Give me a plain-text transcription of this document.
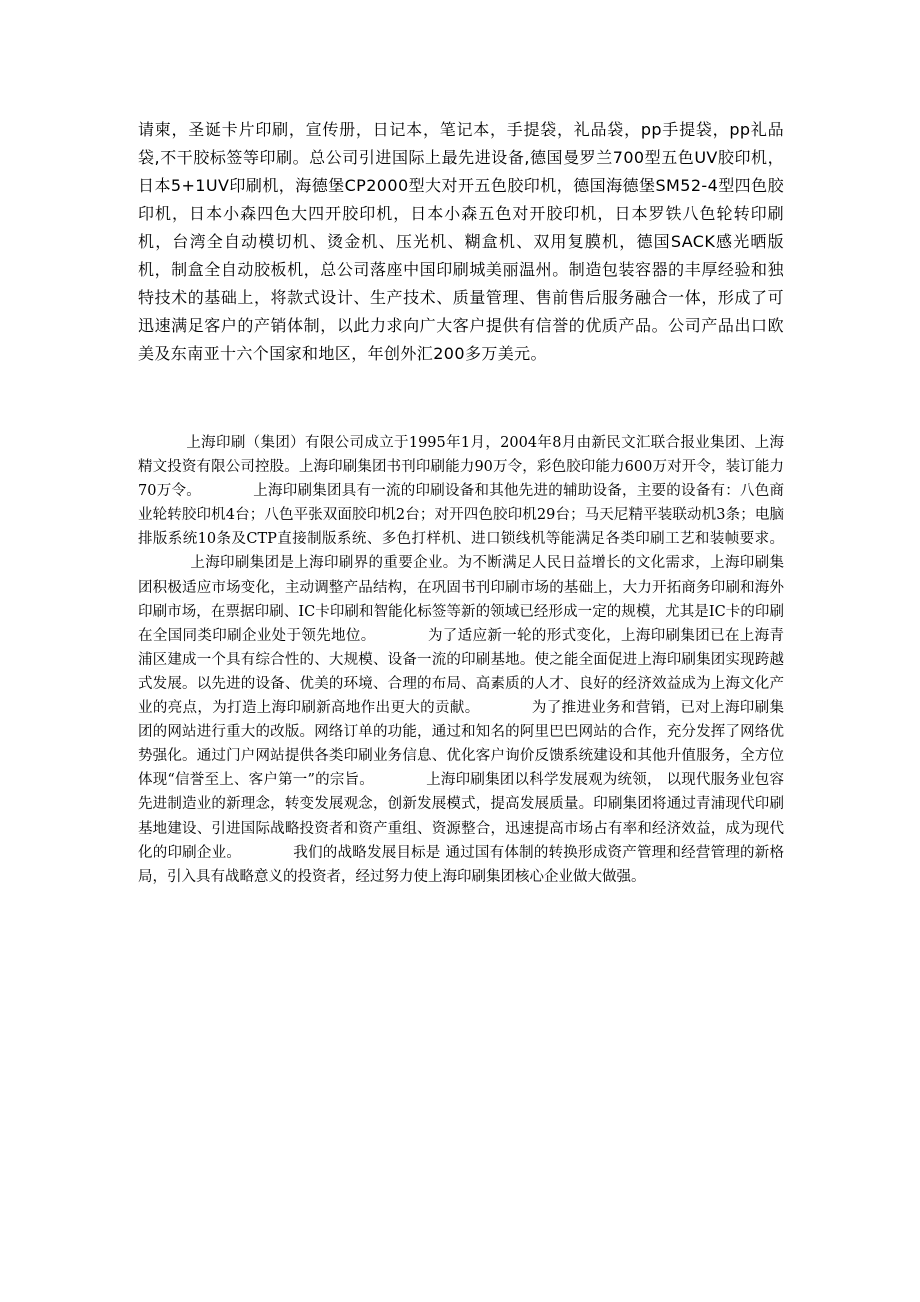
请柬，圣诞卡片印刷，宣传册，日记本，笔记本，手提袋，礼品袋，pp手提袋，pp礼品袋,不干胶标签等印刷。总公司引进国际上最先进设备,德国曼罗兰700型五色UV胶印机，日本5+1UV印刷机，海德堡CP2000型大对开五色胶印机，德国海德堡SM52-4型四色胶印机，日本小森四色大四开胶印机，日本小森五色对开胶印机，日本罗铁八色轮转印刷机，台湾全自动模切机、烫金机、压光机、糊盒机、双用复膜机，德国SACK感光晒版机，制盒全自动胶板机，总公司落座中国印刷城美丽温州。制造包装容器的丰厚经验和独特技术的基础上，将款式设计、生产技术、质量管理、售前售后服务融合一体，形成了可迅速满足客户的产销体制，以此力求向广大客户提供有信誉的优质产品。公司产品出口欧美及东南亚十六个国家和地区，年创外汇200多万美元。

上海印刷（集团）有限公司成立于1995年1月，2004年8月由新民文汇联合报业集团、上海精文投资有限公司控股。上海印刷集团书刊印刷能力90万令，彩色胶印能力600万对开令，装订能力70万令。	上海印刷集团具有一流的印刷设备和其他先进的辅助设备，主要的设备有：八色商业轮转胶印机4台；八色平张双面胶印机2台；对开四色胶印机29台；马天尼精平装联动机3条；电脑排版系统10条及CTP直接制版系统、多色打样机、进口锁线机等能满足各类印刷工艺和装帧要求。上海印刷集团是上海印刷界的重要企业。为不断满足人民日益增长的文化需求，上海印刷集团积极适应市场变化，主动调整产品结构，在巩固书刊印刷市场的基础上，大力开拓商务印刷和海外印刷市场，在票据印刷、IC卡印刷和智能化标签等新的领域已经形成一定的规模，尤其是IC卡的印刷在全国同类印刷企业处于领先地位。	为了适应新一轮的形式变化，上海印刷集团已在上海青浦区建成一个具有综合性的、大规模、设备一流的印刷基地。使之能全面促进上海印刷集团实现跨越式发展。以先进的设备、优美的环境、合理的布局、高素质的人才、良好的经济效益成为上海文化产业的亮点，为打造上海印刷新高地作出更大的贡献。	为了推进业务和营销，已对上海印刷集团的网站进行重大的改版。网络订单的功能，通过和知名的阿里巴巴网站的合作，充分发挥了网络优势强化。通过门户网站提供各类印刷业务信息、优化客户询价反馈系统建设和其他升值服务，全方位体现“信誉至上、客户第一”的宗旨。	上海印刷集团以科学发展观为统领， 以现代服务业包容先进制造业的新理念，转变发展观念，创新发展模式，提高发展质量。印刷集团将通过青浦现代印刷基地建设、引进国际战略投资者和资产重组、资源整合，迅速提高市场占有率和经济效益，成为现代化的印刷企业。	我们的战略发展目标是 通过国有体制的转换形成资产管理和经营管理的新格局，引入具有战略意义的投资者，经过努力使上海印刷集团核心企业做大做强。
